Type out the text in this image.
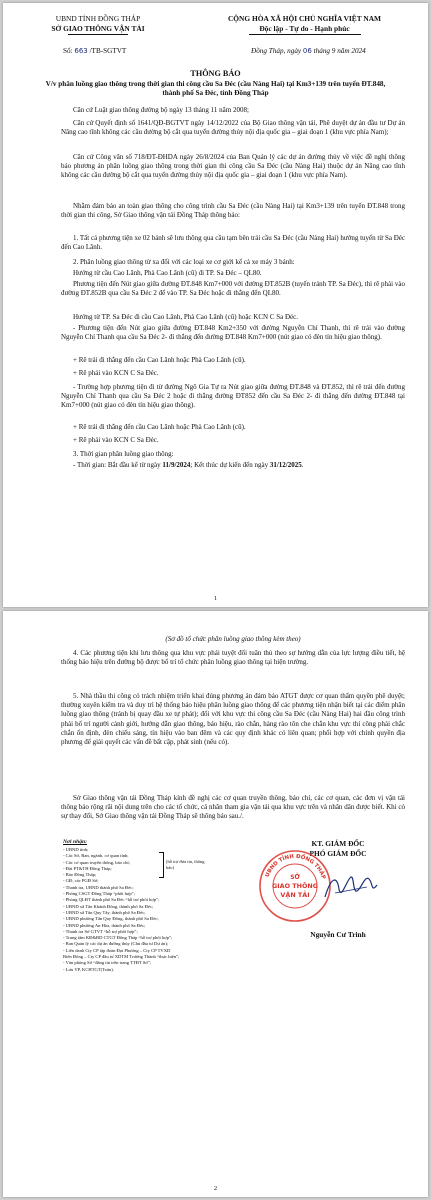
UBND TỈNH ĐỒNG THÁP
SỞ GIAO THÔNG VẬN TẢI
CỘNG HÒA XÃ HỘI CHỦ NGHĨA VIỆT NAM
Độc lập - Tự do - Hạnh phúc
Số: 663 /TB-SGTVT	Đồng Tháp, ngày 06 tháng 9 năm 2024
THÔNG BÁO
V/v phân luồng giao thông trong thời gian thi công cầu Sa Đéc (cầu Nàng Hai) tại Km3+139 trên tuyến ĐT.848, thành phố Sa Đéc, tỉnh Đồng Tháp
Căn cứ Luật giao thông đường bộ ngày 13 tháng 11 năm 2008;
Căn cứ Quyết định số 1641/QĐ-BGTVT ngày 14/12/2022 của Bộ Giao thông vận tải, Phê duyệt dự án đầu tư Dự án Nâng cao tĩnh không các cầu đường bộ cắt qua tuyến đường thủy nội địa quốc gia – giai đoạn 1 (khu vực phía Nam);
Căn cứ Công văn số 718/ĐT-ĐHDA ngày 26/8/2024 của Ban Quản lý các dự án đường thủy về việc đề nghị thông báo phương án phân luồng giao thông trong thời gian thi công cầu Sa Đéc (cầu Nàng Hai) thuộc dự án Nâng cao tĩnh không các cầu đường bộ cắt qua tuyến đường thủy nội địa quốc gia – giai đoạn 1 (khu vực phía Nam).
Nhằm đảm bảo an toàn giao thông cho công trình cầu Sa Đéc (cầu Nàng Hai) tại Km3+139 trên tuyến ĐT.848 trong thời gian thi công, Sở Giao thông vận tải Đồng Tháp thông báo:
1. Tất cả phương tiện xe 02 bánh sẽ lưu thông qua cầu tạm bên trái cầu Sa Đéc (cầu Nàng Hai) hướng tuyến từ Sa Đéc đến Cao Lãnh.
2. Phân luồng giao thông từ xa đối với các loại xe cơ giới kể cả xe máy 3 bánh:
Hướng từ cầu Cao Lãnh, Phà Cao Lãnh (cũ) đi TP. Sa Đéc – QL80.
Phương tiện đến Nút giao giữa đường ĐT.848 Km7+000 với đường ĐT.852B (tuyến tránh TP. Sa Đéc), thì rẽ phải vào đường ĐT.852B qua cầu Sa Đéc 2 để vào TP. Sa Đéc hoặc đi thẳng đến QL80.
Hướng từ TP. Sa Đéc đi cầu Cao Lãnh, Phà Cao Lãnh (cũ) hoặc KCN C Sa Đéc.
- Phương tiện đến Nút giao giữa đường ĐT.848 Km2+350 với đường Nguyễn Chí Thanh, thì rẽ trái vào đường Nguyễn Chí Thanh qua cầu Sa Đéc 2- đi thẳng đến đường ĐT.848 Km7+000 (nút giao có đèn tín hiệu giao thông).
+ Rẽ trái đi thẳng đến cầu Cao Lãnh hoặc Phà Cao Lãnh (cũ).
+ Rẽ phải vào KCN C Sa Đéc.
- Trường hợp phương tiện đi từ đường Ngô Gia Tự ra Nút giao giữa đường ĐT.848 và ĐT.852, thì rẽ trái đến đường Nguyễn Chí Thanh qua cầu Sa Đéc 2 hoặc đi thẳng đường ĐT852 đến cầu Sa Đéc 2- đi thẳng đến đường ĐT.848 tại Km7+000 (nút giao có đèn tín hiệu giao thông).
+ Rẽ trái đi thẳng đến cầu Cao Lãnh hoặc Phà Cao Lãnh (cũ).
+ Rẽ phải vào KCN C Sa Đéc.
3. Thời gian phân luồng giao thông:
- Thời gian: Bắt đầu kể từ ngày 11/9/2024; Kết thúc dự kiến đến ngày 31/12/2025.
1
(Sơ đồ tổ chức phân luồng giao thông kèm theo)
4. Các phương tiện khi lưu thông qua khu vực phải tuyệt đối tuân thủ theo sự hướng dẫn của lực lượng điều tiết, hệ thống báo hiệu trên đường bộ được bố trí tổ chức phân luồng giao thông tại hiện trường.
5. Nhà thầu thi công có trách nhiệm triển khai đúng phương án đảm bảo ATGT được cơ quan thẩm quyền phê duyệt; thường xuyên kiểm tra và duy trì hệ thống báo hiệu phân luồng giao thông để các phương tiện nhận biết tại các điểm phân luồng giao thông (tránh bị quay đầu xe tự phát); đối với khu vực thi công cầu Sa Đéc (cầu Nàng Hai) hai đầu công trình phải bố trí người cảnh giới, hướng dẫn giao thông, báo hiệu, rào chắn, hàng rào tôn che chắn khu vực thi công phải chắc chắn ổn định, đèn chiếu sáng, tín hiệu vào ban đêm và các quy định khác có liên quan; phối hợp với chính quyền địa phương để giải quyết các vấn đề bất cập, phát sinh (nếu có).
Sở Giao thông vận tải Đồng Tháp kính đề nghị các cơ quan truyền thông, báo chí, các cơ quan, các đơn vị vận tải thông báo rộng rãi nội dung trên cho các tổ chức, cá nhân tham gia vận tải qua khu vực trên và nhân dân được biết. Khi có sự thay đổi, Sở Giao thông vận tải Đồng Tháp sẽ thông báo sau./.
Nơi nhận:
- UBND tỉnh;
- Các Sở, Ban, ngành, cơ quan tỉnh;
- Các cơ quan truyền thông, báo chí;
- Đài PT&TH Đồng Tháp;
- Báo Đồng Tháp;
- GĐ, các PGĐ Sở;
- Thanh tra, UBND thành phố Sa Đéc;
- Phòng CSGT Đồng Tháp “phối hợp”;
- Phòng QLĐT thành phố Sa Đéc “hỗ trợ phối hợp”;
- UBND xã Tân Khánh Đông, thành phố Sa Đéc;
- UBND xã Tân Quy Tây, thành phố Sa Đéc;
- UBND phường Tân Quy Đông, thành phố Sa Đéc;
- UBND phường An Hòa, thành phố Sa Đéc;
- Thanh tra Sở GTVT “hỗ trợ phối hợp”;
- Trung tâm KĐ&BD CTGT Đồng Tháp “hỗ trợ phối hợp”;
- Ban Quản lý các dự án đường thủy (Chủ đầu tư Dự án);
- Liên danh Cty CP tập đoàn Đạt Phương – Cty CP TVXD
Biển Đông – Cty CP đầu tư XDTM Trường Thành “thực hiện”;
- Văn phòng Sở “đăng tin trên trang TTĐT Sở”;
- Lưu VP, KCHTGT(Toán).
(hỗ trợ đưa tin, thông báo)
KT. GIÁM ĐỐC
PHÓ GIÁM ĐỐC
UBND TỈNH ĐỒNG THÁP
SỞ
GIAO THÔNG
VẬN TẢI
Nguyễn Cư Trinh
2
